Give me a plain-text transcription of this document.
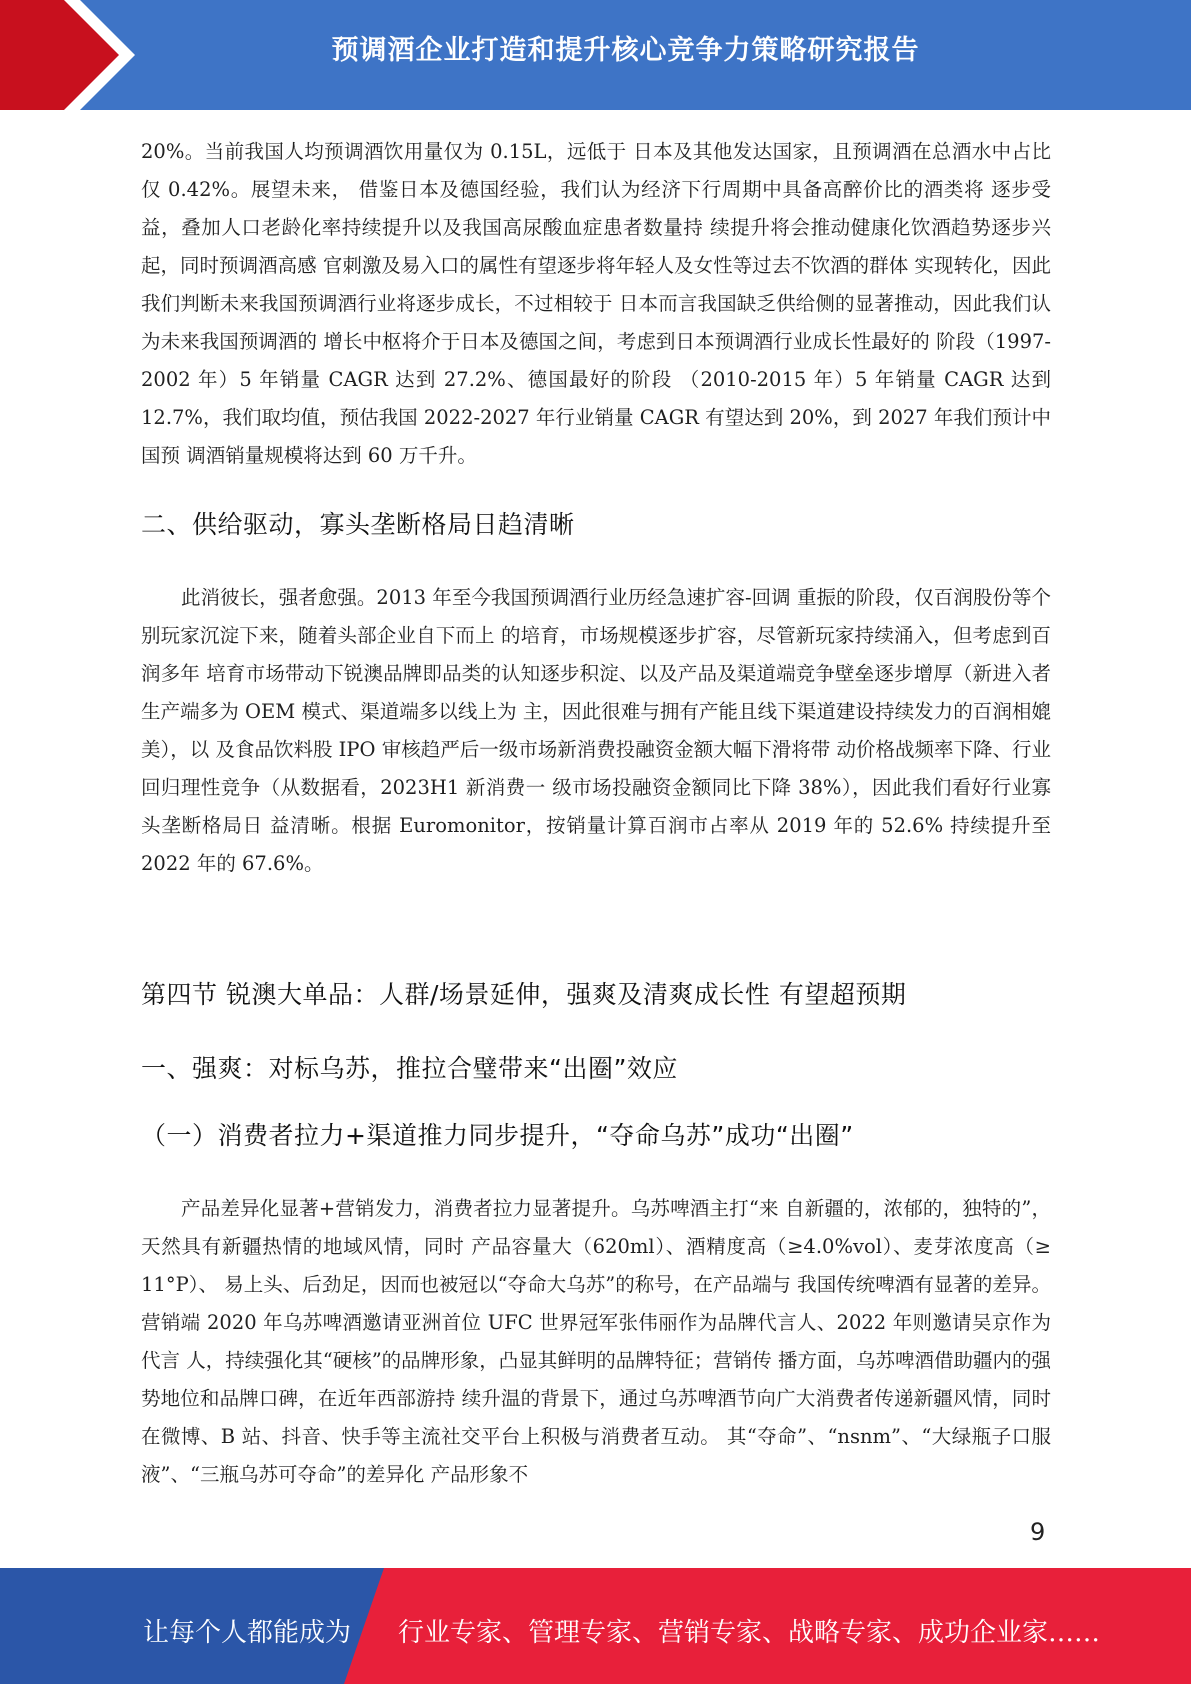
预调酒企业打造和提升核心竞争力策略研究报告

20%。当前我国人均预调酒饮用量仅为 0.15L，远低于 日本及其他发达国家，且预调酒在总酒水中占比仅 0.42%。展望未来， 借鉴日本及德国经验，我们认为经济下行周期中具备高醉价比的酒类将 逐步受益，叠加人口老龄化率持续提升以及我国高尿酸血症患者数量持 续提升将会推动健康化饮酒趋势逐步兴起，同时预调酒高感 官刺激及易入口的属性有望逐步将年轻人及女性等过去不饮酒的群体 实现转化，因此我们判断未来我国预调酒行业将逐步成长，不过相较于 日本而言我国缺乏供给侧的显著推动，因此我们认为未来我国预调酒的 增长中枢将介于日本及德国之间，考虑到日本预调酒行业成长性最好的 阶段（1997-2002 年）5 年销量 CAGR 达到 27.2%、德国最好的阶段 （2010-2015 年）5 年销量 CAGR 达到 12.7%，我们取均值，预估我国 2022-2027 年行业销量 CAGR 有望达到 20%，到 2027 年我们预计中国预 调酒销量规模将达到 60 万千升。

二、供给驱动，寡头垄断格局日趋清晰

此消彼长，强者愈强。2013 年至今我国预调酒行业历经急速扩容-回调 重振的阶段，仅百润股份等个别玩家沉淀下来，随着头部企业自下而上 的培育，市场规模逐步扩容，尽管新玩家持续涌入，但考虑到百润多年 培育市场带动下锐澳品牌即品类的认知逐步积淀、以及产品及渠道端竞争壁垒逐步增厚（新进入者生产端多为 OEM 模式、渠道端多以线上为 主，因此很难与拥有产能且线下渠道建设持续发力的百润相媲美），以 及食品饮料股 IPO 审核趋严后一级市场新消费投融资金额大幅下滑将带 动价格战频率下降、行业回归理性竞争（从数据看，2023H1 新消费一 级市场投融资金额同比下降 38%），因此我们看好行业寡头垄断格局日 益清晰。根据 Euromonitor，按销量计算百润市占率从 2019 年的 52.6% 持续提升至 2022 年的 67.6%。

第四节 锐澳大单品：人群/场景延伸，强爽及清爽成长性 有望超预期
一、强爽：对标乌苏，推拉合璧带来“出圈”效应
（一）消费者拉力+渠道推力同步提升，“夺命乌苏”成功“出圈”

产品差异化显著+营销发力，消费者拉力显著提升。乌苏啤酒主打“来 自新疆的，浓郁的，独特的”，天然具有新疆热情的地域风情，同时 产品容量大（620ml）、酒精度高（≥4.0%vol）、麦芽浓度高（≥ 11°P）、 易上头、后劲足，因而也被冠以“夺命大乌苏”的称号，在产品端与 我国传统啤酒有显著的差异。营销端 2020 年乌苏啤酒邀请亚洲首位 UFC 世界冠军张伟丽作为品牌代言人、2022 年则邀请吴京作为代言 人，持续强化其“硬核”的品牌形象，凸显其鲜明的品牌特征；营销传 播方面，乌苏啤酒借助疆内的强势地位和品牌口碑，在近年西部游持 续升温的背景下，通过乌苏啤酒节向广大消费者传递新疆风情，同时 在微博、B 站、抖音、快手等主流社交平台上积极与消费者互动。 其“夺命”、“nsnm”、“大绿瓶子口服液”、“三瓶乌苏可夺命”的差异化 产品形象不

9
让每个人都能成为 行业专家、管理专家、营销专家、战略专家、成功企业家……
